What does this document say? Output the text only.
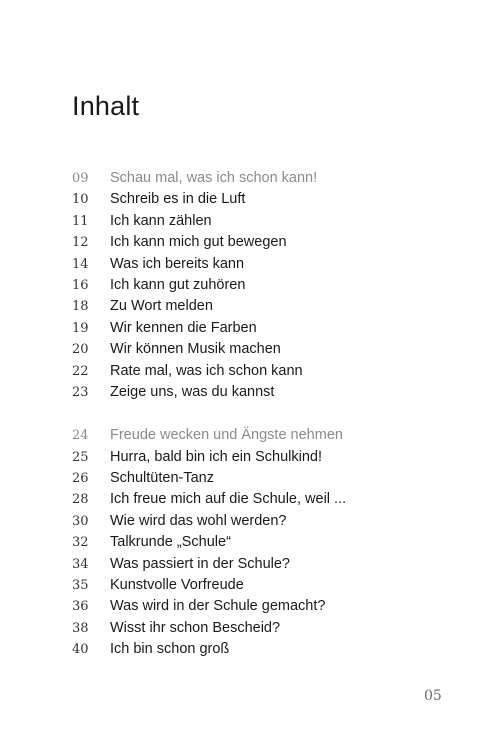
Inhalt
09	Schau mal, was ich schon kann!
10	Schreib es in die Luft
11	Ich kann zählen
12	Ich kann mich gut bewegen
14	Was ich bereits kann
16	Ich kann gut zuhören
18	Zu Wort melden
19	Wir kennen die Farben
20	Wir können Musik machen
22	Rate mal, was ich schon kann
23	Zeige uns, was du kannst
24	Freude wecken und Ängste nehmen
25	Hurra, bald bin ich ein Schulkind!
26	Schultüten-Tanz
28	Ich freue mich auf die Schule, weil ...
30	Wie wird das wohl werden?
32	Talkrunde „Schule“
34	Was passiert in der Schule?
35	Kunstvolle Vorfreude
36	Was wird in der Schule gemacht?
38	Wisst ihr schon Bescheid?
40	Ich bin schon groß
05
